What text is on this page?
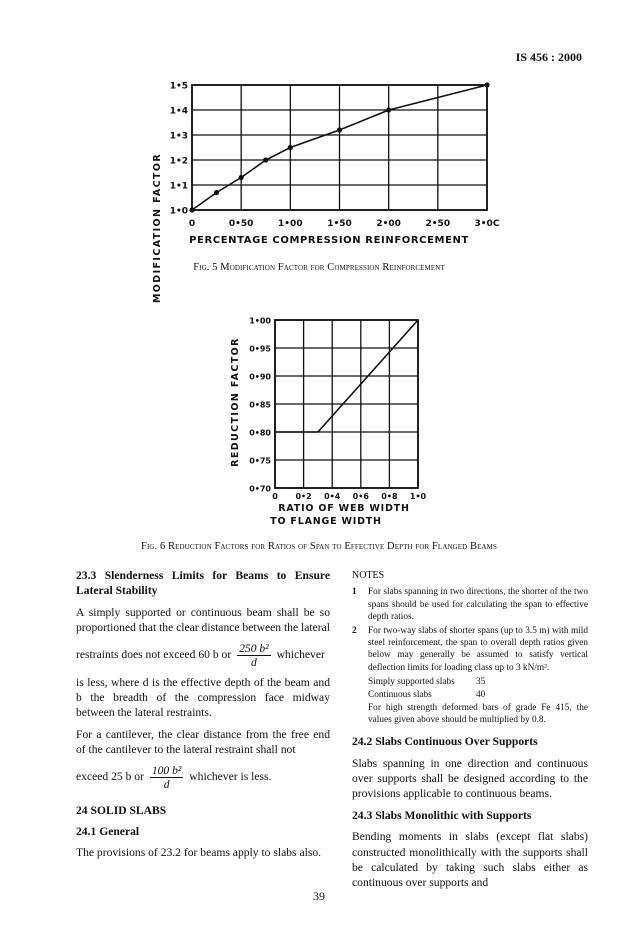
IS 456 : 2000
0	0•50	1•00	1•50	2•00	2•50	3•0C
1•0
1•1
1•2
1•3
1•4
1•5
MODIFICATION FACTOR	PERCENTAGE COMPRESSION REINFORCEMENT
Fig. 5 Modification Factor for Compression Reinforcement
0 0•2 0•4 0•6 0•8 1•0
0•70
0•75
0•80
0•85
0•90
0•95
1•00
REDUCTION FACTOR
RATIO OF WEB WIDTH
TO FLANGE WIDTH
Fig. 6 Reduction Factors for Ratios of Span to Effective Depth for Flanged Beams

23.3 Slenderness Limits for Beams to Ensure Lateral Stability

A simply supported or continuous beam shall be so proportioned that the clear distance between the lateral

restraints does not exceed 60 b or $\frac{\text{250 b²}}{d}$ whichever

is less, where d is the effective depth of the beam and b the breadth of the compression face midway between the lateral restraints.

For a cantilever, the clear distance from the free end of the cantilever to the lateral restraint shall not

exceed 25 b or $\frac{\text{100 b²}}{d}$ whichever is less.

24 SOLID SLABS

24.1 General

The provisions of 23.2 for beams apply to slabs also.

NOTES
1	For slabs spanning in two directions, the shorter of the two spans should be used for calculating the span to effective depth ratios.
2	For two-way slabs of shorter spans (up to 3.5 m) with mild steel reinforcement, the span to overall depth ratios given below may generally be assumed to satisfy vertical deflection limits for loading class up to 3 kN/m².
Simply supported slabs	35
Continuous slabs	40
For high strength deformed bars of grade Fe 415, the values given above should be multiplied by 0.8.

24.2 Slabs Continuous Over Supports

Slabs spanning in one direction and continuous over supports shall be designed according to the provisions applicable to continuous beams.

24.3 Slabs Monolithic with Supports

Bending moments in slabs (except flat slabs) constructed monolithically with the supports shall be calculated by taking such slabs either as continuous over supports and

39
